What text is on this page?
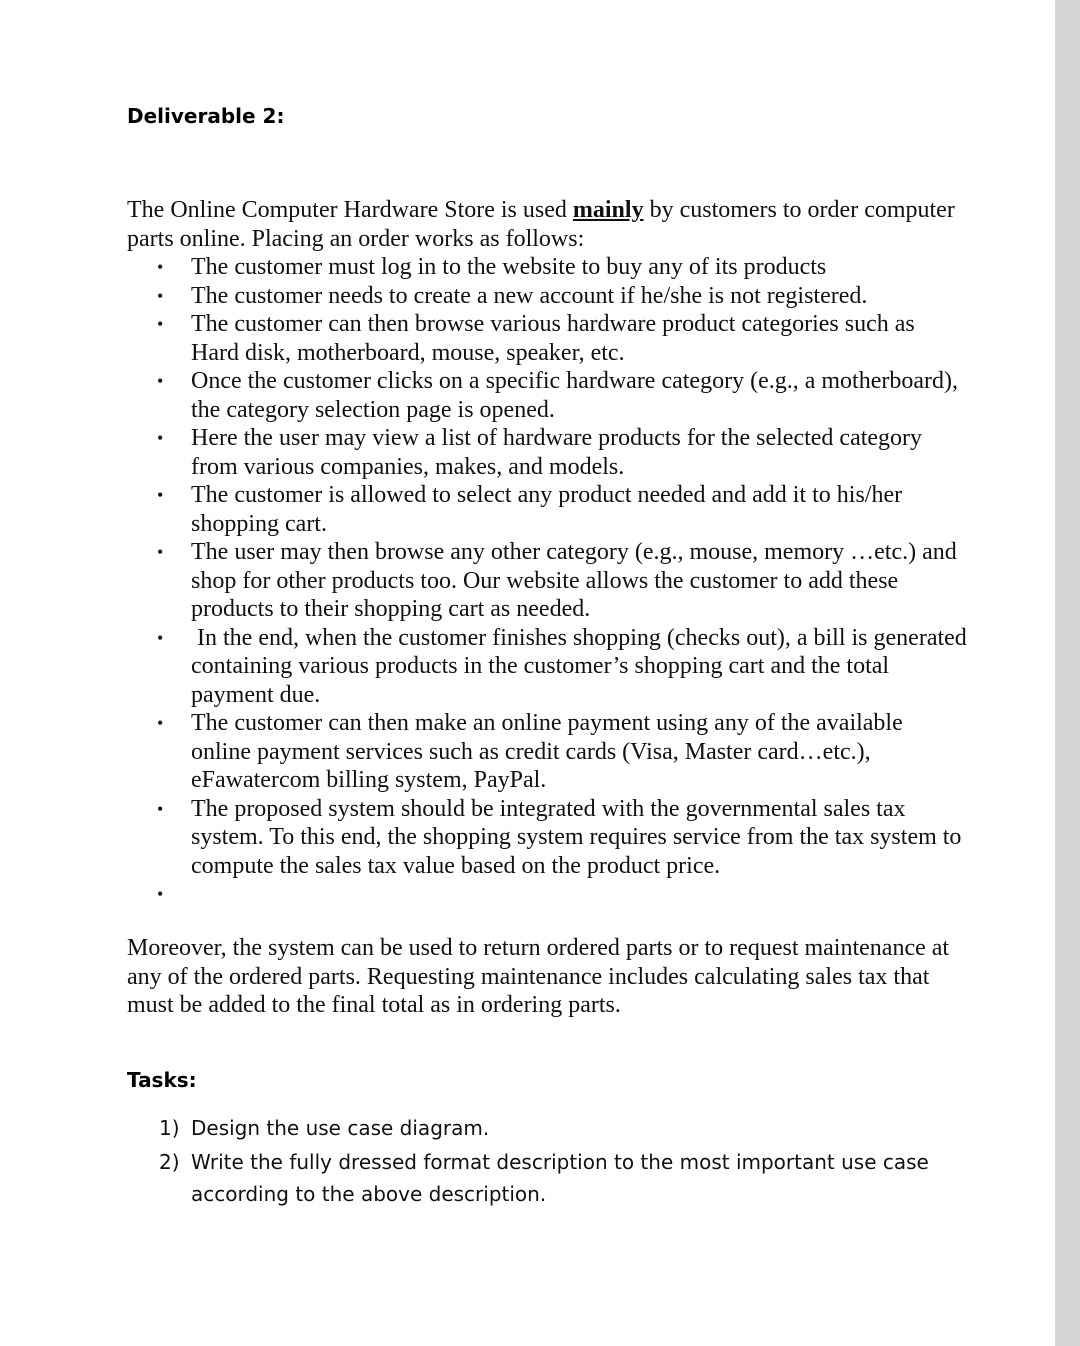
Deliverable 2:

The Online Computer Hardware Store is used mainly by customers to order computer parts online. Placing an order works as follows:

• The customer must log in to the website to buy any of its products
• The customer needs to create a new account if he/she is not registered.
• The customer can then browse various hardware product categories such as Hard disk, motherboard, mouse, speaker, etc.
• Once the customer clicks on a specific hardware category (e.g., a motherboard), the category selection page is opened.
• Here the user may view a list of hardware products for the selected category from various companies, makes, and models.
• The customer is allowed to select any product needed and add it to his/her shopping cart.
• The user may then browse any other category (e.g., mouse, memory …etc.) and shop for other products too. Our website allows the customer to add these products to their shopping cart as needed.
• In the end, when the customer finishes shopping (checks out), a bill is generated containing various products in the customer’s shopping cart and the total payment due.
• The customer can then make an online payment using any of the available online payment services such as credit cards (Visa, Master card…etc.), eFawatercom billing system, PayPal.
• The proposed system should be integrated with the governmental sales tax system. To this end, the shopping system requires service from the tax system to compute the sales tax value based on the product price.
•

Moreover, the system can be used to return ordered parts or to request maintenance at any of the ordered parts. Requesting maintenance includes calculating sales tax that must be added to the final total as in ordering parts.

Tasks:
1) Design the use case diagram.
2) Write the fully dressed format description to the most important use case according to the above description.
